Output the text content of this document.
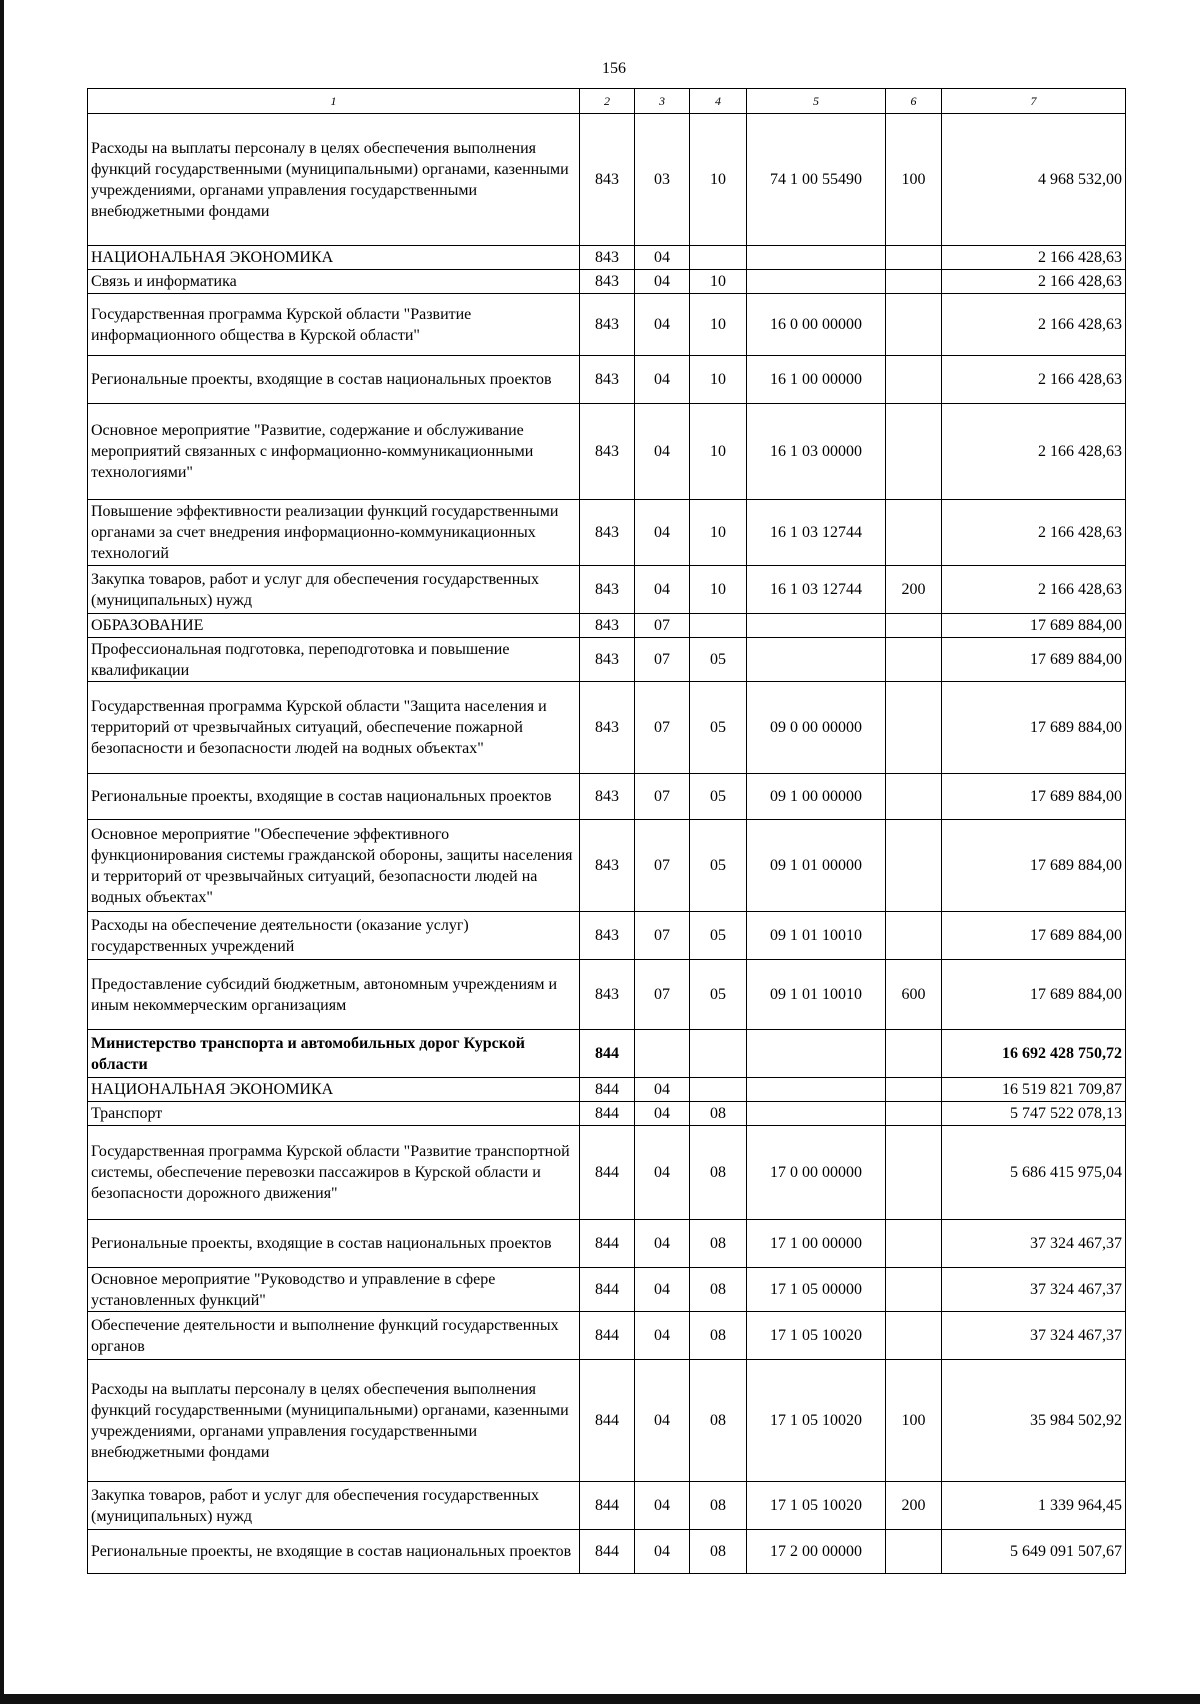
156
1	2	3	4	5	6	7
Расходы на выплаты персоналу в целях обеспечения выполнения функций государственными (муниципальными) органами, казенными учреждениями, органами управления государственными внебюджетными фондами	843	03	10	74 1 00 55490	100	4 968 532,00
НАЦИОНАЛЬНАЯ ЭКОНОМИКА	843	04				2 166 428,63
Связь и информатика	843	04	10			2 166 428,63
Государственная программа Курской области "Развитие информационного общества в Курской области"	843	04	10	16 0 00 00000		2 166 428,63
Региональные проекты, входящие в состав национальных проектов	843	04	10	16 1 00 00000		2 166 428,63
Основное мероприятие "Развитие, содержание и обслуживание мероприятий связанных с информационно-коммуникационными технологиями"	843	04	10	16 1 03 00000		2 166 428,63
Повышение эффективности реализации функций государственными органами за счет внедрения информационно-коммуникационных технологий	843	04	10	16 1 03 12744		2 166 428,63
Закупка товаров, работ и услуг для обеспечения государственных (муниципальных) нужд	843	04	10	16 1 03 12744	200	2 166 428,63
ОБРАЗОВАНИЕ	843	07				17 689 884,00
Профессиональная подготовка, переподготовка и повышение квалификации	843	07	05			17 689 884,00
Государственная программа Курской области "Защита населения и территорий от чрезвычайных ситуаций, обеспечение пожарной безопасности и безопасности людей на водных объектах"	843	07	05	09 0 00 00000		17 689 884,00
Региональные проекты, входящие в состав национальных проектов	843	07	05	09 1 00 00000		17 689 884,00
Основное мероприятие "Обеспечение эффективного функционирования системы гражданской обороны, защиты населения и территорий от чрезвычайных ситуаций, безопасности людей на водных объектах"	843	07	05	09 1 01 00000		17 689 884,00
Расходы на обеспечение деятельности (оказание услуг) государственных учреждений	843	07	05	09 1 01 10010		17 689 884,00
Предоставление субсидий бюджетным, автономным учреждениям и иным некоммерческим организациям	843	07	05	09 1 01 10010	600	17 689 884,00
Министерство транспорта и автомобильных дорог Курской области	844					16 692 428 750,72
НАЦИОНАЛЬНАЯ ЭКОНОМИКА	844	04				16 519 821 709,87
Транспорт	844	04	08			5 747 522 078,13
Государственная программа Курской области "Развитие транспортной системы, обеспечение перевозки пассажиров в Курской области и безопасности дорожного движения"	844	04	08	17 0 00 00000		5 686 415 975,04
Региональные проекты, входящие в состав национальных проектов	844	04	08	17 1 00 00000		37 324 467,37
Основное мероприятие "Руководство и управление в сфере установленных функций"	844	04	08	17 1 05 00000		37 324 467,37
Обеспечение деятельности и выполнение функций государственных органов	844	04	08	17 1 05 10020		37 324 467,37
Расходы на выплаты персоналу в целях обеспечения выполнения функций государственными (муниципальными) органами, казенными учреждениями, органами управления государственными внебюджетными фондами	844	04	08	17 1 05 10020	100	35 984 502,92
Закупка товаров, работ и услуг для обеспечения государственных (муниципальных) нужд	844	04	08	17 1 05 10020	200	1 339 964,45
Региональные проекты, не входящие в состав национальных проектов	844	04	08	17 2 00 00000		5 649 091 507,67
